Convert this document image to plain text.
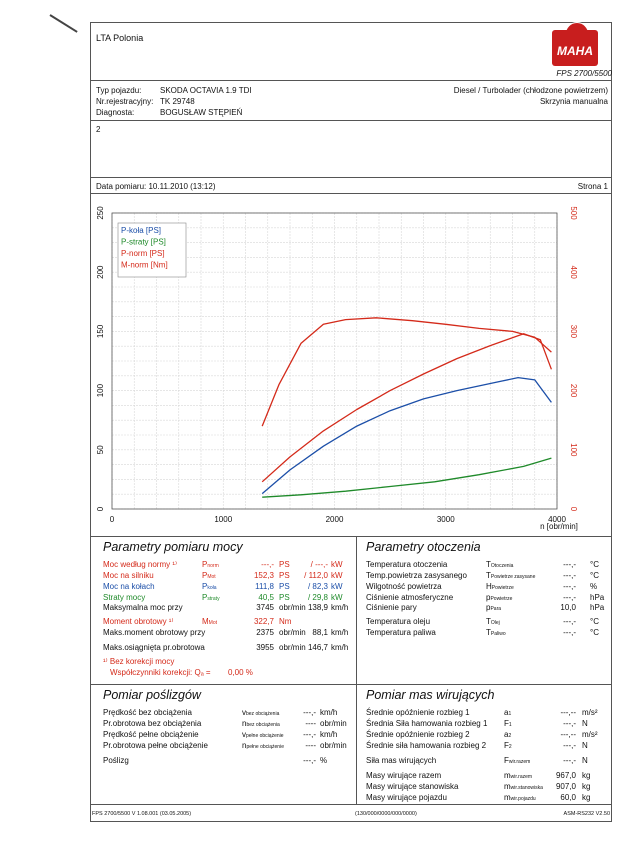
LTA Polonia
MAHA
FPS 2700/5500
Typ pojazdu: SKODA OCTAVIA 1.9 TDI
Nr.rejestracyjny: TK 29748
Diagnosta:	BOGUSŁAW STĘPIEŃ
Diesel / Turbolader (chłodzone powietrzem)
Skrzynia manualna
2
Data pomiaru: 10.11.2010 (13:12)	Strona 1
0	1000	2000	3000	4000
n [obr/min]
0
50
100
150
200
250
0
100
200
300
400
500
P-koła [PS]
P-straty [PS]
P-norm [PS]
M-norm [Nm]
Parametry pomiaru mocy
Moc według normy ¹⁾	Pnorm	---,- PS	/ ---,- kW
Moc na silniku	PMot	152,3 PS	/ 112,0 kW
Moc na kołach	Pkoła	111,8 PS	/ 82,3 kW
Straty mocy	Pstraty	40,5 PS	/ 29,8 kW
Maksymalna moc przy	3745 obr/min 138,9 km/h
Moment obrotowy ¹⁾	MMot	322,7 Nm
Maks.moment obrotowy przy	2375 obr/min 88,1 km/h
Maks.osiągnięta pr.obrotowa	3955 obr/min 146,7 km/h
¹⁾ Bez korekcji mocy
Współczynniki korekcji: Qₐ = 0,00 %
Parametry otoczenia
Temperatura otoczenia	TOtoczenia	---,- °C
Temp.powietrza zasysanego TPowietrze zasysane	---,- °C
Wilgotność powietrza	HPowietrze	---,- %
Ciśnienie atmosferyczne	pPowietrze	---,- hPa
Ciśnienie pary	pPara	10,0 hPa
Temperatura oleju	TOlej	---,- °C
Temperatura paliwa	TPaliwo	---,- °C
Pomiar poślizgów
Prędkość bez obciążenia	vbez obciążenia	---,- km/h
Pr.obrotowa bez obciążenia	nbez obciążenia	---- obr/min
Prędkość pełne obciążenie	vpełne obciążenie	---,- km/h
Pr.obrotowa pełne obciążenie	npełne obciążenie	---- obr/min
Poślizg	---,- %
Pomiar mas wirujących
Średnie opóźnienie rozbieg 1	a1	---,-- m/s²
Średnia Siła hamowania rozbieg 1 F1	---,- N
Średnie opóźnienie rozbieg 2	a2	---,-- m/s²
Średnie siła hamowania rozbieg 2 F2	---,- N
Siła mas wirujących	Fwir.razem	---,- N
Masy wirujące razem	mwir.razem	967,0 kg
Masy wirujące stanowiska	mwir.stanowiska	907,0 kg
Masy wirujące pojazdu	mwir.pojazdu	60,0 kg
FPS 2700/5500 V 1.08.001 (03.05.2005)	(130/000/0000/000/0000)	ASM-RS232 V2.50
